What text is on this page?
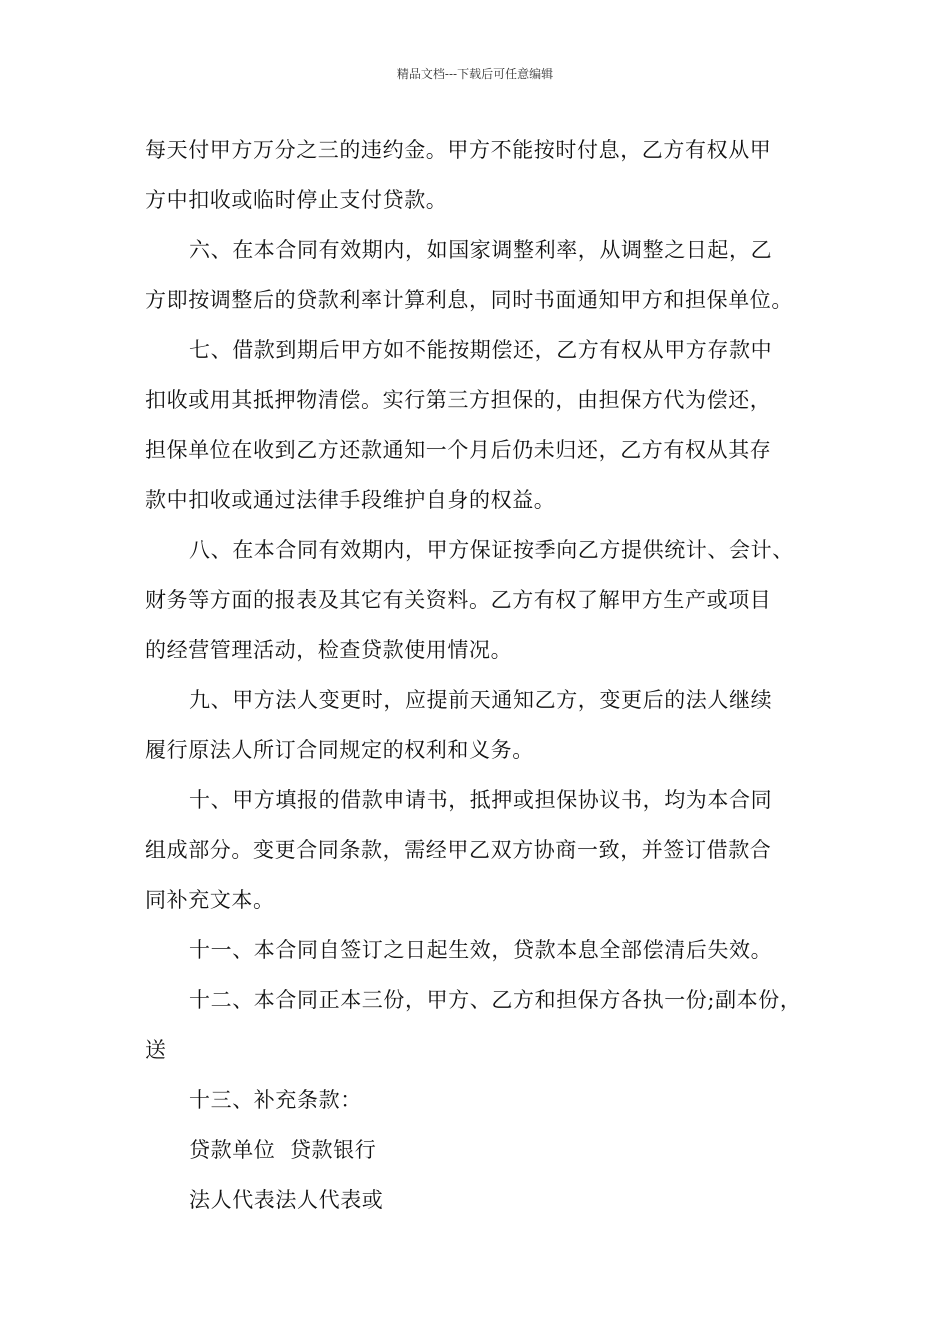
精品文档---下载后可任意编辑
每天付甲方万分之三的违约金。甲方不能按时付息，乙方有权从甲
方中扣收或临时停止支付贷款。
六、在本合同有效期内，如国家调整利率，从调整之日起，乙
方即按调整后的贷款利率计算利息，同时书面通知甲方和担保单位。
七、借款到期后甲方如不能按期偿还，乙方有权从甲方存款中
扣收或用其抵押物清偿。实行第三方担保的，由担保方代为偿还，
担保单位在收到乙方还款通知一个月后仍未归还，乙方有权从其存
款中扣收或通过法律手段维护自身的权益。
八、在本合同有效期内，甲方保证按季向乙方提供统计、会计、
财务等方面的报表及其它有关资料。乙方有权了解甲方生产或项目
的经营管理活动，检查贷款使用情况。
九、甲方法人变更时，应提前天通知乙方，变更后的法人继续
履行原法人所订合同规定的权利和义务。
十、甲方填报的借款申请书，抵押或担保协议书，均为本合同
组成部分。变更合同条款，需经甲乙双方协商一致，并签订借款合
同补充文本。
十一、本合同自签订之日起生效，贷款本息全部偿清后失效。
十二、本合同正本三份，甲方、乙方和担保方各执一份;副本份，
送
十三、补充条款：
贷款单位  贷款银行
法人代表法人代表或
